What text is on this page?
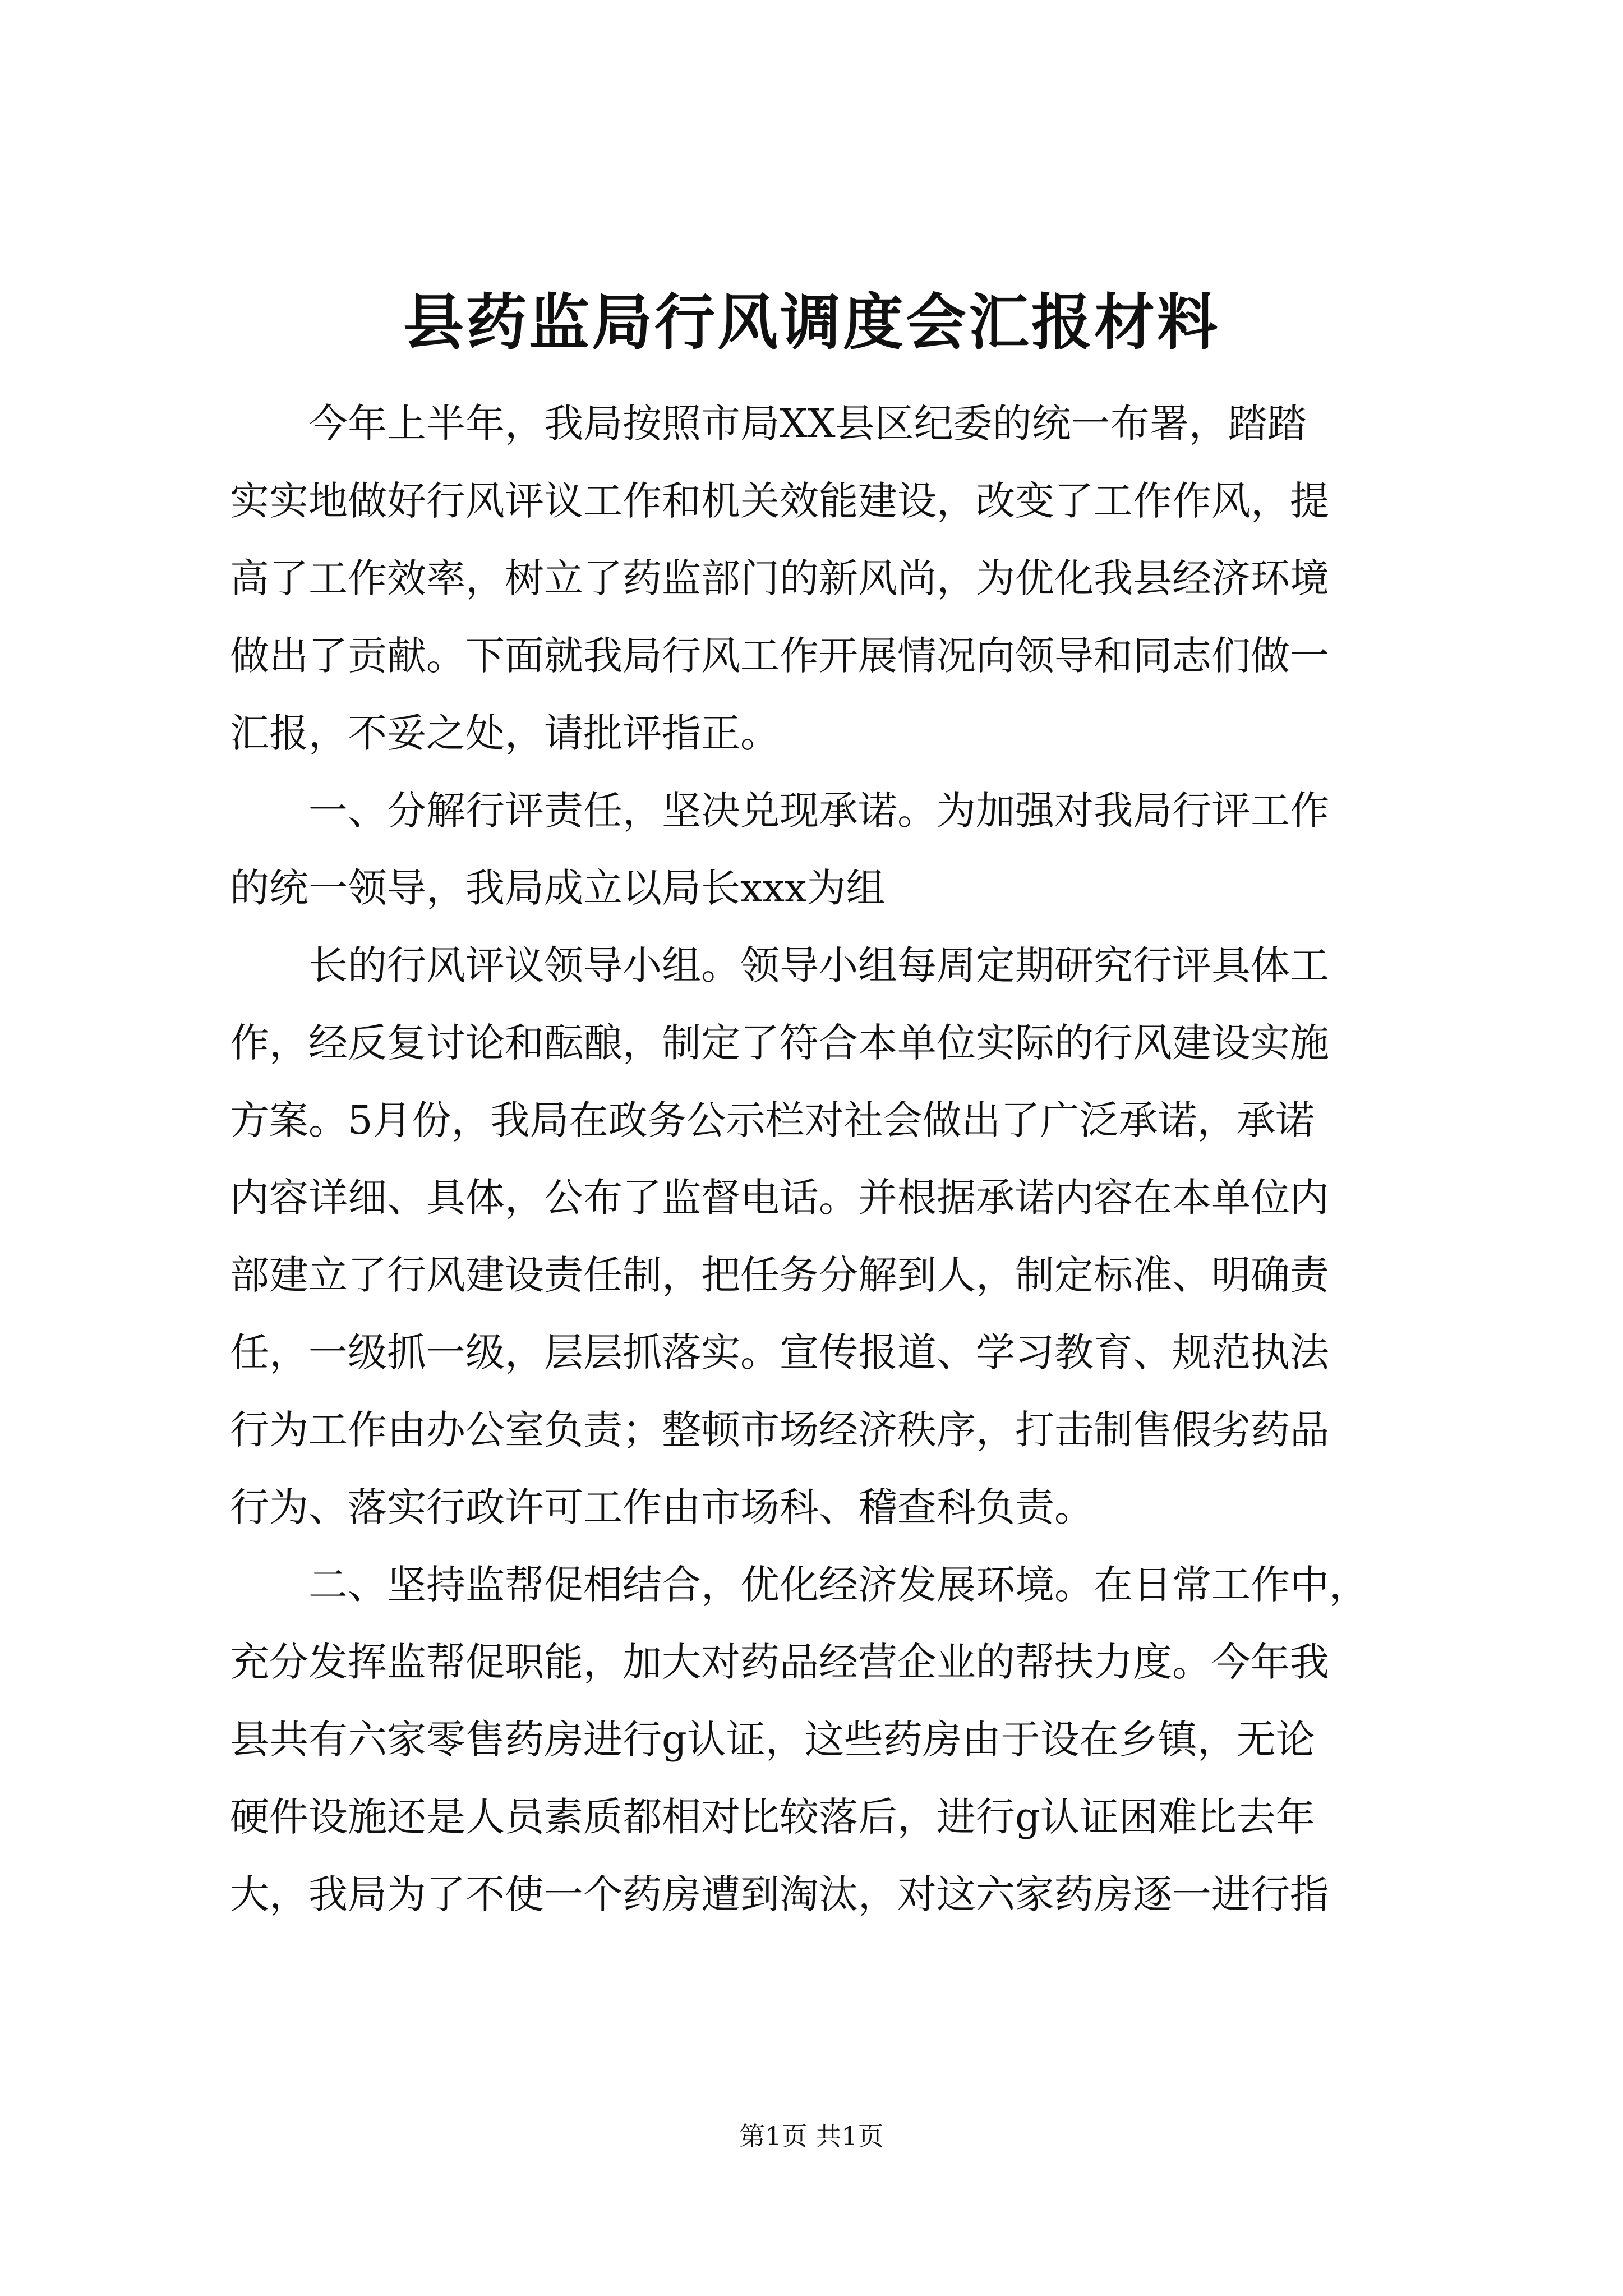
县药监局行风调度会汇报材料
今年上半年，我局按照市局XX县区纪委的统一布署，踏踏
实实地做好行风评议工作和机关效能建设，改变了工作作风，提
高了工作效率，树立了药监部门的新风尚，为优化我县经济环境
做出了贡献。下面就我局行风工作开展情况向领导和同志们做一
汇报，不妥之处，请批评指正。
一、分解行评责任，坚决兑现承诺。为加强对我局行评工作
的统一领导，我局成立以局长xxx为组
长的行风评议领导小组。领导小组每周定期研究行评具体工
作，经反复讨论和酝酿，制定了符合本单位实际的行风建设实施
方案。5月份，我局在政务公示栏对社会做出了广泛承诺，承诺
内容详细、具体，公布了监督电话。并根据承诺内容在本单位内
部建立了行风建设责任制，把任务分解到人，制定标准、明确责
任，一级抓一级，层层抓落实。宣传报道、学习教育、规范执法
行为工作由办公室负责；整顿市场经济秩序，打击制售假劣药品
行为、落实行政许可工作由市场科、稽查科负责。
二、坚持监帮促相结合，优化经济发展环境。在日常工作中，
充分发挥监帮促职能，加大对药品经营企业的帮扶力度。今年我
县共有六家零售药房进行g认证，这些药房由于设在乡镇，无论
硬件设施还是人员素质都相对比较落后，进行g认证困难比去年
大，我局为了不使一个药房遭到淘汰，对这六家药房逐一进行指
第1页 共1页
